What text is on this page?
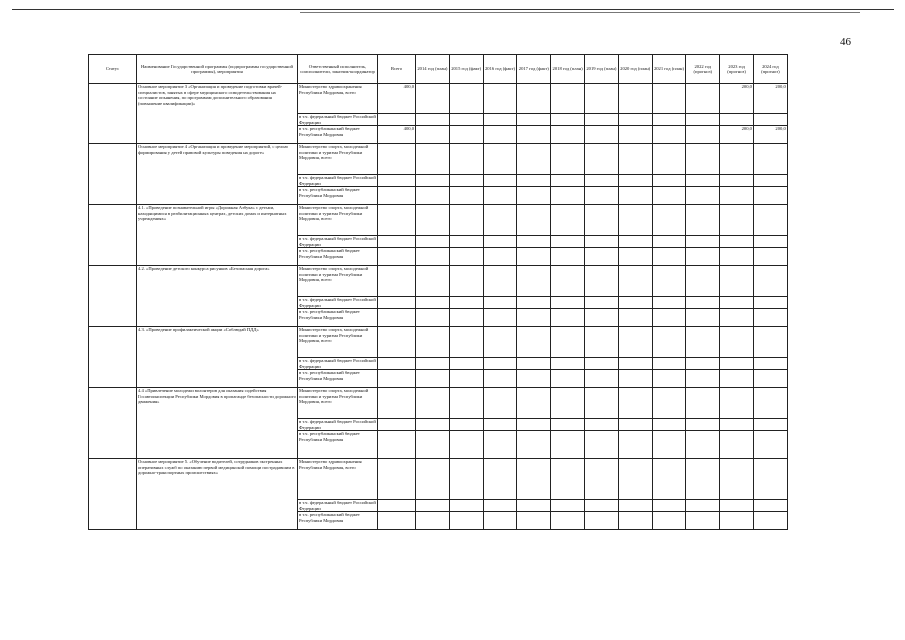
46
Статус	Наименование Государственной программы (подпрограммы государственной программы), мероприятия	Ответственный исполнитель, соисполнители, заказчик-координатор	Всего	2014 год (план)	2015 год (факт)	2016 год (факт)	2017 год (факт)	2018 год (план)	2019 год (план)	2020 год (план)	2021 год (план)	2022 год (прогноз)	2023 год (прогноз)	2024 год (прогноз)
	Основное мероприятие 3 «Организация и проведение подготовки врачей-специалистов, занятых в сфере медицинского освидетельствования на состояние опьянения, по программам дополнительного образования (повышение квалификации)»	Министерство здравоохранения Республики Мордовия, всего	400,0										200,0	200,0
		в т.ч. федеральный бюджет Российской Федерации												
		в т.ч. республиканский бюджет Республики Мордовия	400,0										200,0	200,0
	Основное мероприятие 4 «Организация и проведение мероприятий, с целью формирования у детей правовой культуры поведения на дороге»	Министерство спорта, молодежной политики и туризма Республики Мордовия, всего												
		в т.ч. федеральный бюджет Российской Федерации												
		в т.ч. республиканский бюджет Республики Мордовия												
	4.1. «Проведение познавательной игры «Дорожная Азбука» с детьми, находящимися в реабилитационных центрах, детских домах и интернатных учреждениях»	Министерство спорта, молодежной политики и туризма Республики Мордовия, всего												
		в т.ч. федеральный бюджет Российской Федерации												
		в т.ч. республиканский бюджет Республики Мордовия												
	4.2. «Проведение детского конкурса рисунков «Безопасная дорога»	Министерство спорта, молодежной политики и туризма Республики Мордовия, всего												
		в т.ч. федеральный бюджет Российской Федерации												
		в т.ч. республиканский бюджет Республики Мордовия												
	4.3. «Проведение профилактической акции «Соблюдай ПДД»	Министерство спорта, молодежной политики и туризма Республики Мордовия, всего												
		в т.ч. федеральный бюджет Российской Федерации												
		в т.ч. республиканский бюджет Республики Мордовия												
	4.4 «Привлечение молодежи волонтеров для оказания содействия Госавтоинспекции Республики Мордовия в пропаганде безопасности дорожного движения»	Министерство спорта, молодежной политики и туризма Республики Мордовия, всего												
		в т.ч. федеральный бюджет Российской Федерации												
		в т.ч. республиканский бюджет Республики Мордовия												
	Основное мероприятие 5. «Обучение водителей, сотрудников экстренных оперативных служб по оказанию первой медицинской помощи пострадавшим в дорожно-транспортных происшествиях»	Министерство здравоохранения Республики Мордовия, всего												
		в т.ч. федеральный бюджет Российской Федерации												
		в т.ч. республиканский бюджет Республики Мордовия												
